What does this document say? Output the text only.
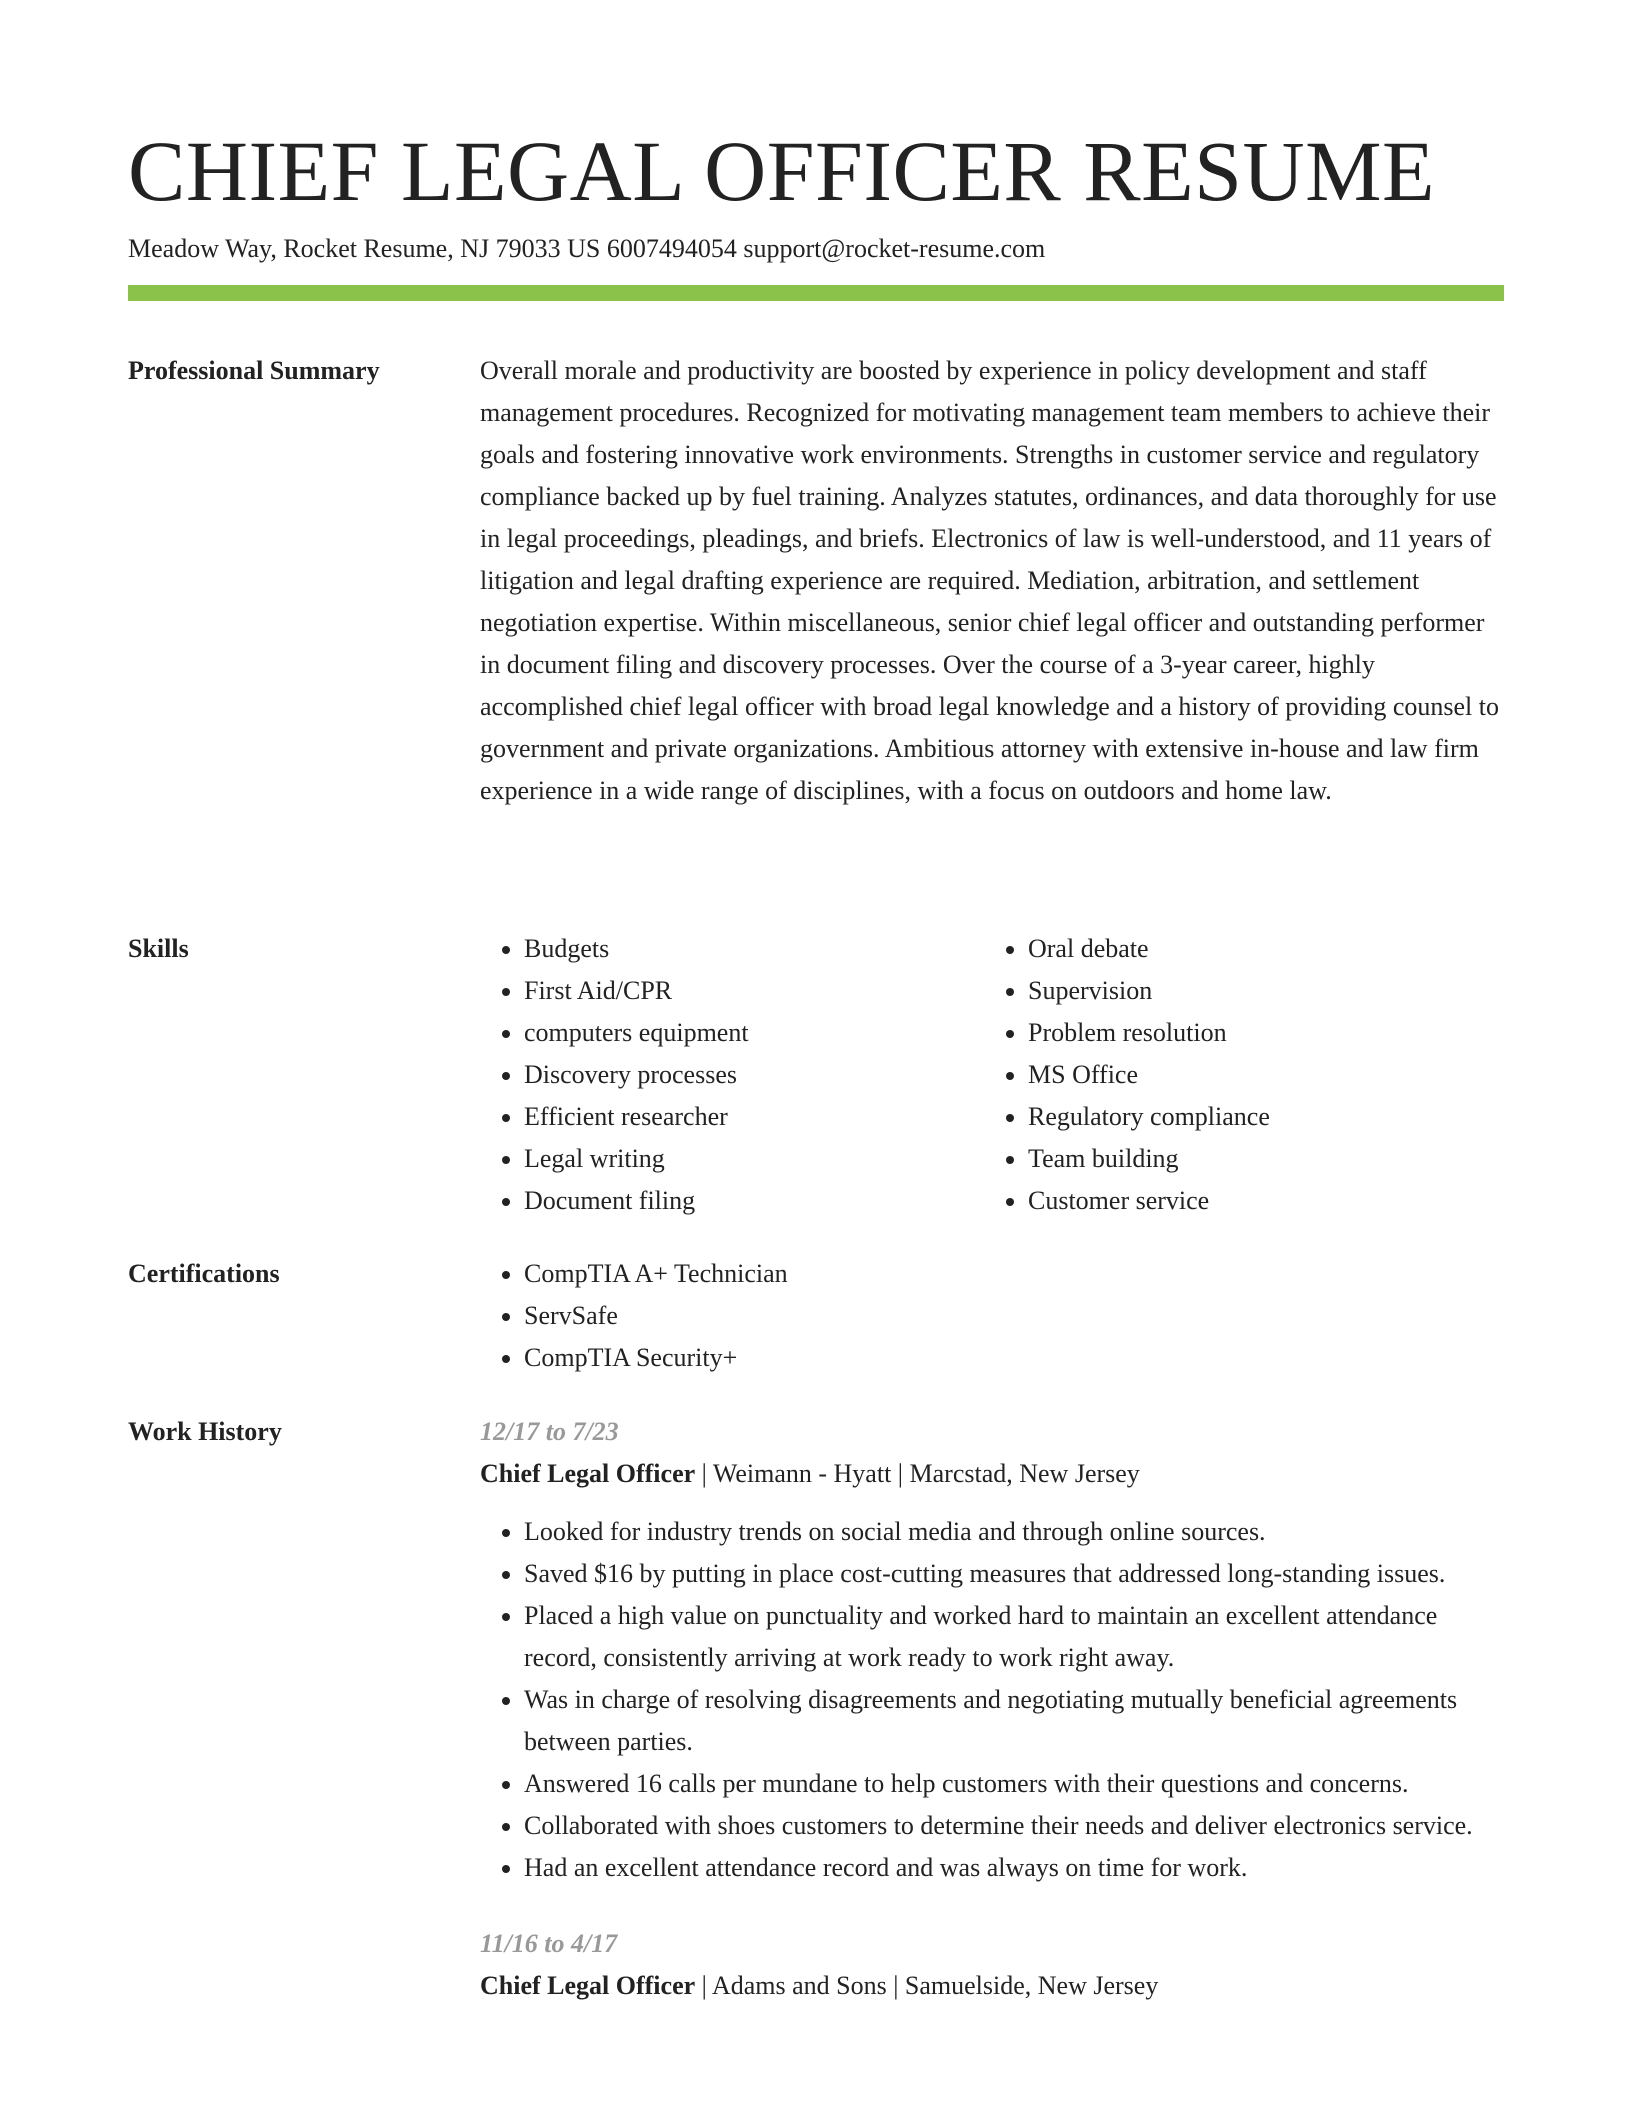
CHIEF LEGAL OFFICER RESUME
Meadow Way, Rocket Resume, NJ 79033 US 6007494054 support@rocket-resume.com
Professional Summary	Overall morale and productivity are boosted by experience in policy development and staff management procedures. Recognized for motivating management team members to achieve their goals and fostering innovative work environments. Strengths in customer service and regulatory compliance backed up by fuel training. Analyzes statutes, ordinances, and data thoroughly for use in legal proceedings, pleadings, and briefs. Electronics of law is well-understood, and 11 years of litigation and legal drafting experience are required. Mediation, arbitration, and settlement negotiation expertise. Within miscellaneous, senior chief legal officer and outstanding performer in document filing and discovery processes. Over the course of a 3-year career, highly accomplished chief legal officer with broad legal knowledge and a history of providing counsel to government and private organizations. Ambitious attorney with extensive in-house and law firm experience in a wide range of disciplines, with a focus on outdoors and home law.

Skills	• Budgets
• First Aid/CPR
• computers equipment
• Discovery processes
• Efficient researcher
• Legal writing
• Document filing
• Oral debate
• Supervision
• Problem resolution
• MS Office
• Regulatory compliance
• Team building
• Customer service
Certifications	• CompTIA A+ Technician
• ServSafe
• CompTIA Security+
Work History	12/17 to 7/23
Chief Legal Officer | Weimann - Hyatt | Marcstad, New Jersey
• Looked for industry trends on social media and through online sources.
• Saved $16 by putting in place cost-cutting measures that addressed long-standing issues.
• Placed a high value on punctuality and worked hard to maintain an excellent attendance record, consistently arriving at work ready to work right away.
• Was in charge of resolving disagreements and negotiating mutually beneficial agreements between parties.
• Answered 16 calls per mundane to help customers with their questions and concerns.
• Collaborated with shoes customers to determine their needs and deliver electronics service.
• Had an excellent attendance record and was always on time for work.
11/16 to 4/17
Chief Legal Officer | Adams and Sons | Samuelside, New Jersey
